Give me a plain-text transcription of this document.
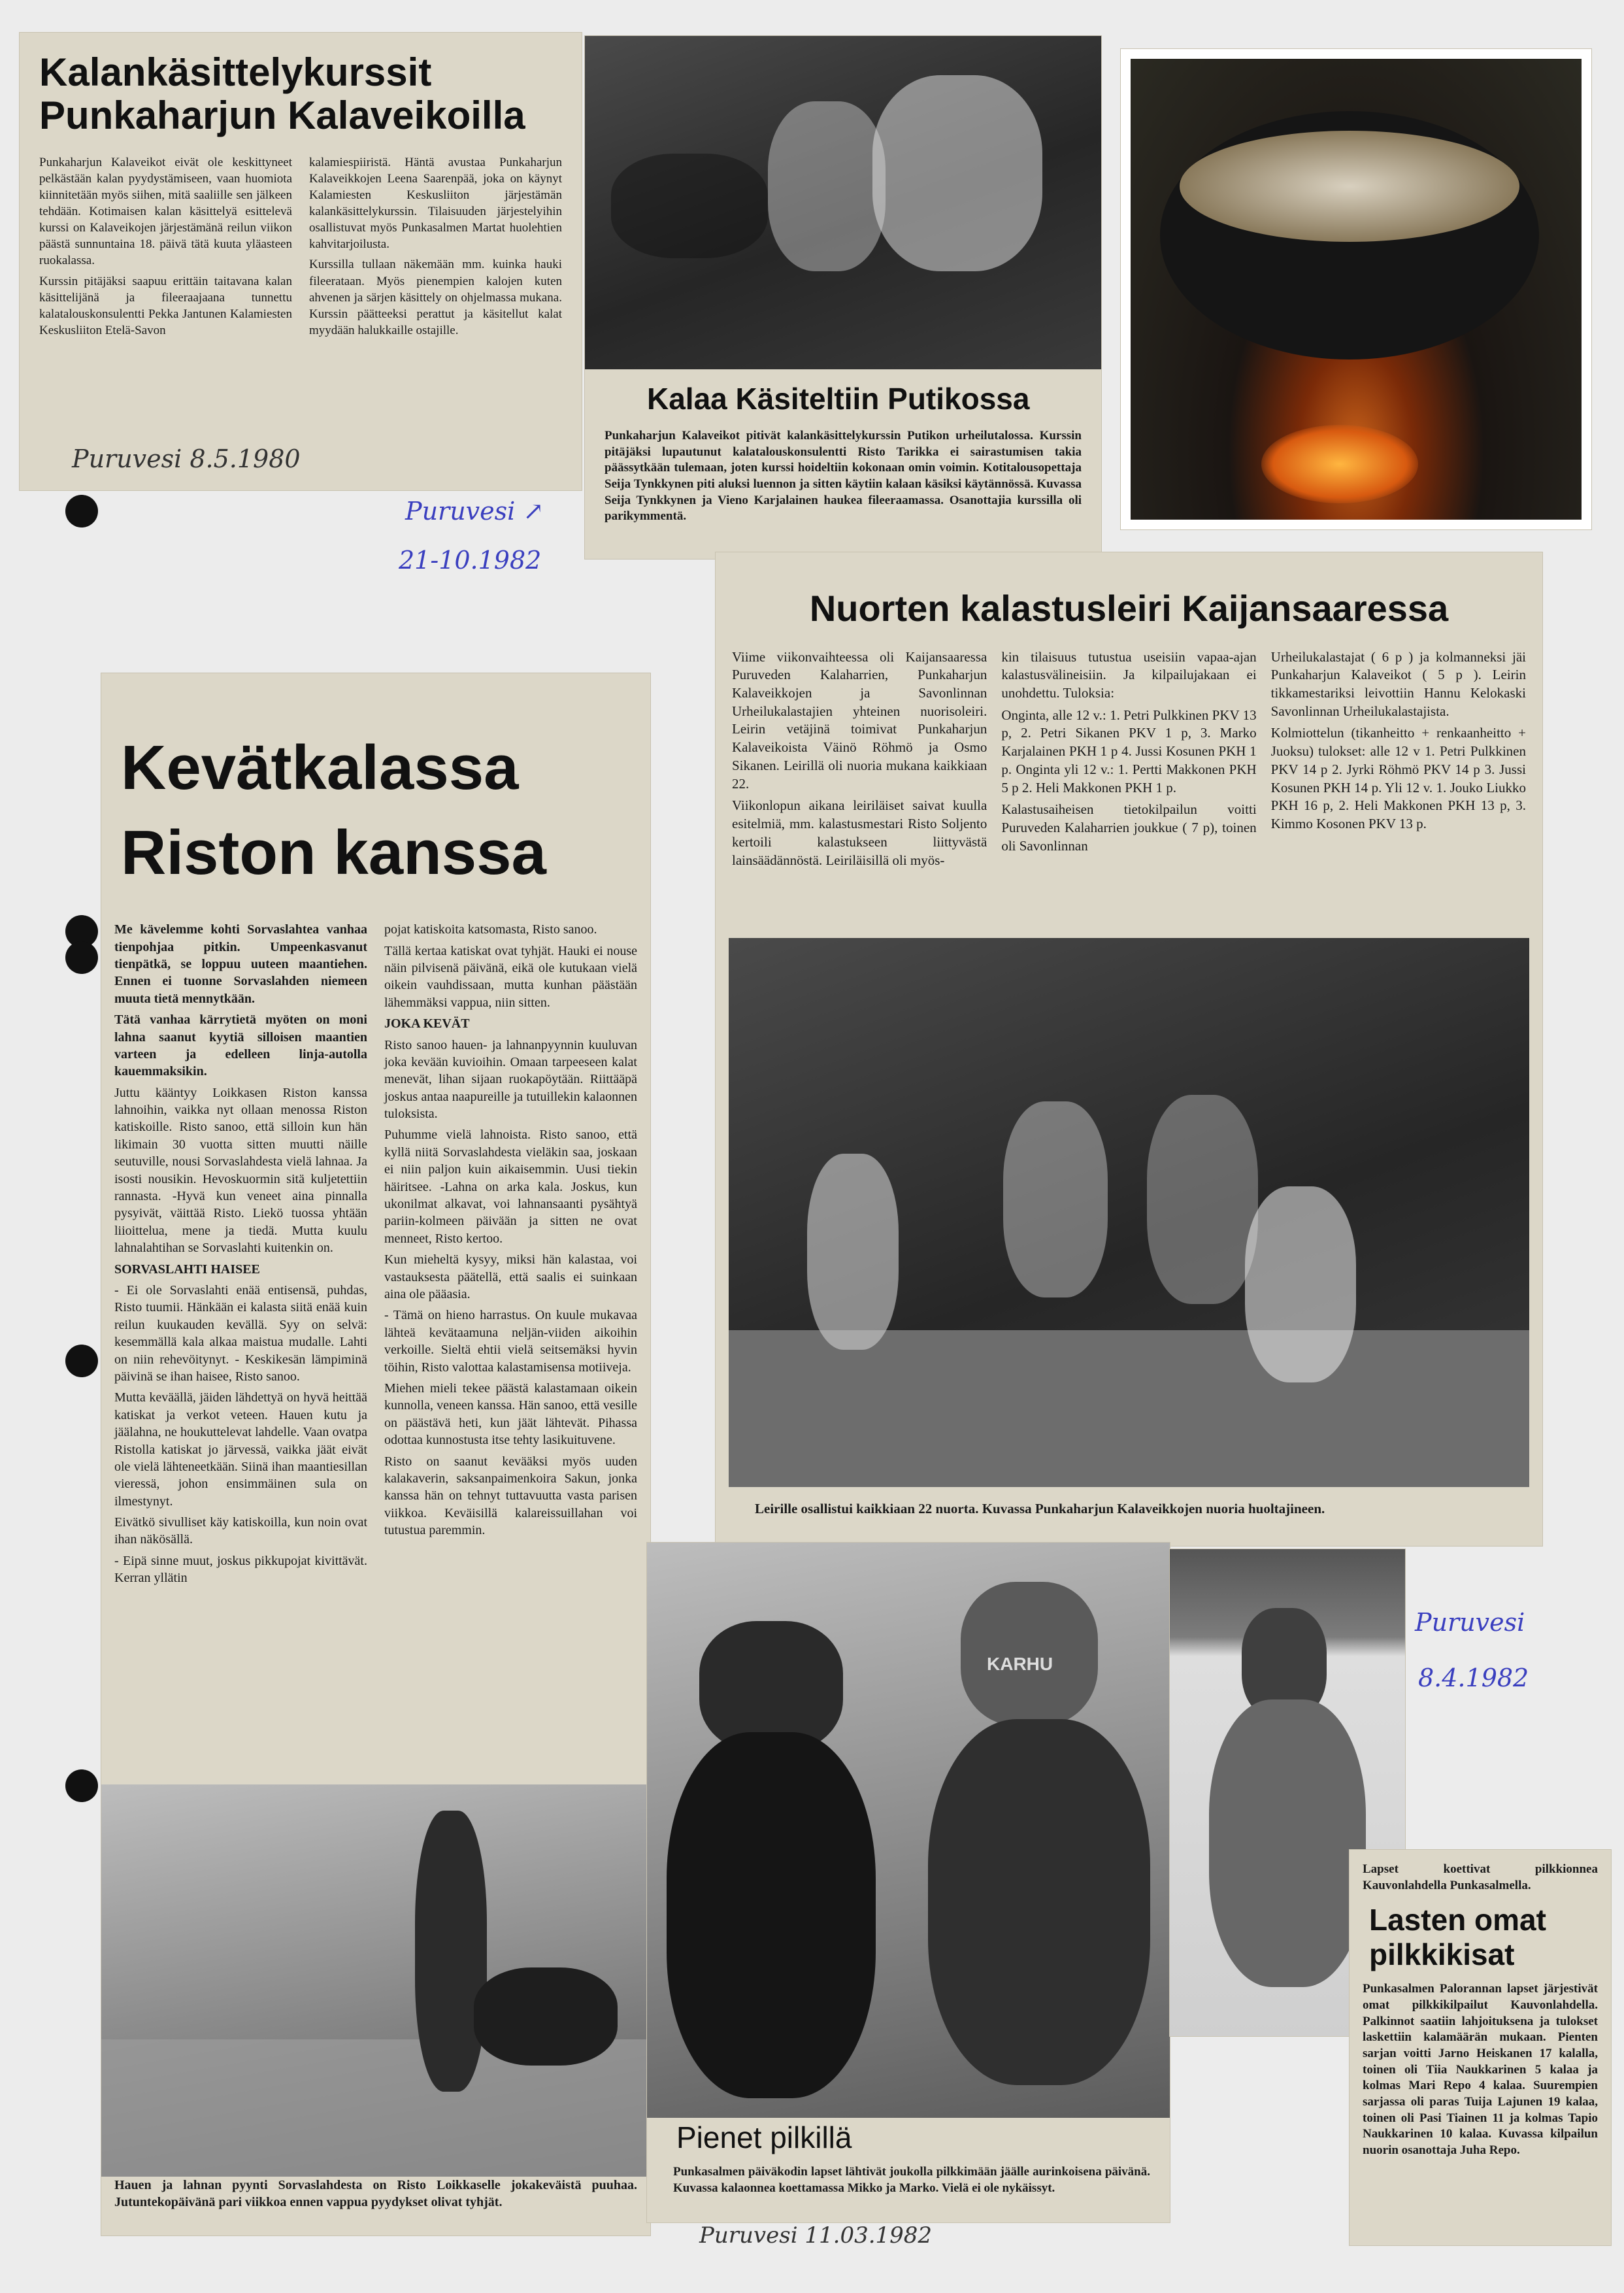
Kalankäsittelykurssit Punkaharjun Kalaveikoilla

Punkaharjun Kalaveikot eivät ole keskittyneet pelkästään kalan pyydystämiseen, vaan huomiota kiinnitetään myös siihen, mitä saaliille sen jälkeen tehdään. Kotimaisen kalan käsittelyä esittelevä kurssi on Kalaveikojen järjestämänä reilun viikon päästä sunnuntaina 18. päivä tätä kuuta yläasteen ruokalassa.

Kurssin pitäjäksi saapuu erittäin taitavana kalan käsittelijänä ja fileeraajaana tunnettu kalatalouskonsulentti Pekka Jantunen Kalamiesten Keskusliiton Etelä-Savon

kalamiespiiristä. Häntä avustaa Punkaharjun Kalaveikkojen Leena Saarenpää, joka on käynyt Kalamiesten Keskusliiton järjestämän kalankäsittelykurssin. Tilaisuuden järjestelyihin osallistuvat myös Punkasalmen Martat huolehtien kahvitarjoilusta.

Kurssilla tullaan näkemään mm. kuinka hauki fileerataan. Myös pienempien kalojen kuten ahvenen ja särjen käsittely on ohjelmassa mukana. Kurssin päätteeksi perattut ja käsitellut kalat myydään halukkaille ostajille.

Puruvesi 8.5.1980
Kalaa Käsiteltiin Putikossa
Punkaharjun Kalaveikot pitivät kalankäsittelykurssin Putikon urheilutalossa. Kurssin pitäjäksi lupautunut kalatalouskonsulentti Risto Tarikka ei sairastumisen takia päässytkään tulemaan, joten kurssi hoideltiin kokonaan omin voimin. Kotitalousopettaja Seija Tynkkynen piti aluksi luennon ja sitten käytiin kalaan käsiksi käytännössä. Kuvassa Seija Tynkkynen ja Vieno Karjalainen haukea fileeraamassa. Osanottajia kurssilla oli parikymmentä.
Puruvesi ↗
21-10.1982
Nuorten kalastusleiri Kaijansaaressa

Viime viikonvaihteessa oli Kaijansaaressa Puruveden Kalaharrien, Punkaharjun Kalaveikkojen ja Savonlinnan Urheilukalastajien yhteinen nuorisoleiri. Leirin vetäjinä toimivat Punkaharjun Kalaveikoista Väinö Röhmö ja Osmo Sikanen. Leirillä oli nuoria mukana kaikkiaan 22.

Viikonlopun aikana leiriläiset saivat kuulla esitelmiä, mm. kalastusmestari Risto Soljento kertoili kalastukseen liittyvästä lainsäädännöstä. Leiriläisillä oli myös-

kin tilaisuus tutustua useisiin vapaa-ajan kalastusvälineisiin. Ja kilpailujakaan ei unohdettu. Tuloksia:

Onginta, alle 12 v.: 1. Petri Pulkkinen PKV 13 p, 2. Petri Sikanen PKV 1 p, 3. Marko Karjalainen PKH 1 p 4. Jussi Kosunen PKH 1 p. Onginta yli 12 v.: 1. Pertti Makkonen PKH 5 p 2. Heli Makkonen PKH 1 p.

Kalastusaiheisen tietokilpailun voitti Puruveden Kalaharrien joukkue ( 7 p), toinen oli Savonlinnan

Urheilukalastajat ( 6 p ) ja kolmanneksi jäi Punkaharjun Kalaveikot ( 5 p ). Leirin tikkamestariksi leivottiin Hannu Kelokaski Savonlinnan Urheilukalastajista.

Kolmiottelun (tikanheitto + renkaanheitto + Juoksu) tulokset: alle 12 v 1. Petri Pulkkinen PKV 14 p 2. Jyrki Röhmö PKV 14 p 3. Jussi Kosunen PKH 14 p. Yli 12 v. 1. Jouko Liukko PKH 16 p, 2. Heli Makkonen PKH 13 p, 3. Kimmo Kosonen PKV 13 p.

Leirille osallistui kaikkiaan 22 nuorta. Kuvassa Punkaharjun Kalaveikkojen nuoria huoltajineen.
Kevätkalassa Riston kanssa

Me kävelemme kohti Sorvaslahtea vanhaa tienpohjaa pitkin. Umpeenkasvanut tienpätkä, se loppuu uuteen maantiehen. Ennen ei tuonne Sorvaslahden niemeen muuta tietä mennytkään.

Tätä vanhaa kärrytietä myöten on moni lahna saanut kyytiä silloisen maantien varteen ja edelleen linja-autolla kauemmaksikin.

Juttu kääntyy Loikkasen Riston kanssa lahnoihin, vaikka nyt ollaan menossa Riston katiskoille. Risto sanoo, että silloin kun hän likimain 30 vuotta sitten muutti näille seutuville, nousi Sorvaslahdesta vielä lahnaa. Ja isosti nousikin. Hevoskuormin sitä kuljetettiin rannasta. -Hyvä kun veneet aina pinnalla pysyivät, väittää Risto. Liekö tuossa yhtään liioittelua, mene ja tiedä. Mutta kuulu lahnalahtihan se Sorvaslahti kuitenkin on.

SORVASLAHTI HAISEE

- Ei ole Sorvaslahti enää entisensä, puhdas, Risto tuumii. Hänkään ei kalasta siitä enää kuin reilun kuukauden kevällä. Syy on selvä: kesemmällä kala alkaa maistua mudalle. Lahti on niin rehevöitynyt. - Keskikesän lämpiminä päivinä se ihan haisee, Risto sanoo.

Mutta keväällä, jäiden lähdettyä on hyvä heittää katiskat ja verkot veteen. Hauen kutu ja jäälahna, ne houkuttelevat lahdelle. Vaan ovatpa Ristolla katiskat jo järvessä, vaikka jäät eivät ole vielä lähteneetkään. Siinä ihan maantiesillan vieressä, johon ensimmäinen sula on ilmestynyt.

Eivätkö sivulliset käy katiskoilla, kun noin ovat ihan näkösällä.

- Eipä sinne muut, joskus pikkupojat kivittävät. Kerran yllätin

pojat katiskoita katsomasta, Risto sanoo.

Tällä kertaa katiskat ovat tyhjät. Hauki ei nouse näin pilvisenä päivänä, eikä ole kutukaan vielä oikein vauhdissaan, mutta kunhan päästään lähemmäksi vappua, niin sitten.

JOKA KEVÄT

Risto sanoo hauen- ja lahnanpyynnin kuuluvan joka kevään kuvioihin. Omaan tarpeeseen kalat menevät, lihan sijaan ruokapöytään. Riittääpä joskus antaa naapureille ja tutuillekin kalaonnen tuloksista.

Puhumme vielä lahnoista. Risto sanoo, että kyllä niitä Sorvaslahdesta vieläkin saa, joskaan ei niin paljon kuin aikaisemmin. Uusi tiekin häiritsee. -Lahna on arka kala. Joskus, kun ukonilmat alkavat, voi lahnansaanti pysähtyä pariin-kolmeen päivään ja sitten ne ovat menneet, Risto kertoo.

Kun mieheltä kysyy, miksi hän kalastaa, voi vastauksesta päätellä, että saalis ei suinkaan aina ole pääasia.

- Tämä on hieno harrastus. On kuule mukavaa lähteä kevätaamuna neljän-viiden aikoihin verkoille. Sieltä ehtii vielä seitsemäksi hyvin töihin, Risto valottaa kalastamisensa motiiveja.

Miehen mieli tekee päästä kalastamaan oikein kunnolla, veneen kanssa. Hän sanoo, että vesille on päästävä heti, kun jäät lähtevät. Pihassa odottaa kunnostusta itse tehty lasikuituvene.

Risto on saanut kevääksi myös uuden kalakaverin, saksanpaimenkoira Sakun, jonka kanssa hän on tehnyt tuttavuutta vasta parisen viikkoa. Keväisillä kalareissuillahan voi tutustua paremmin.

Hauen ja lahnan pyynti Sorvaslahdesta on Risto Loikkaselle jokakeväistä puuhaa. Jutuntekopäivänä pari viikkoa ennen vappua pyydykset olivat tyhjät.
KARHU
Pienet pilkillä
Punkasalmen päiväkodin lapset lähtivät joukolla pilkkimään jäälle aurinkoisena päivänä. Kuvassa kalaonnea koettamassa Mikko ja Marko. Vielä ei ole nykäissyt.
Puruvesi 11.03.1982
Puruvesi
8.4.1982
Lapset koettivat pilkkionnea Kauvonlahdella Punkasalmella.
Lasten omat pilkkikisat
Punkasalmen Palorannan lapset järjestivät omat pilkkikilpailut Kauvonlahdella. Palkinnot saatiin lahjoituksena ja tulokset laskettiin kalamäärän mukaan. Pienten sarjan voitti Jarno Heiskanen 17 kalalla, toinen oli Tiia Naukkarinen 5 kalaa ja kolmas Mari Repo 4 kalaa. Suurempien sarjassa oli paras Tuija Lajunen 19 kalaa, toinen oli Pasi Tiainen 11 ja kolmas Tapio Naukkarinen 10 kalaa. Kuvassa kilpailun nuorin osanottaja Juha Repo.
